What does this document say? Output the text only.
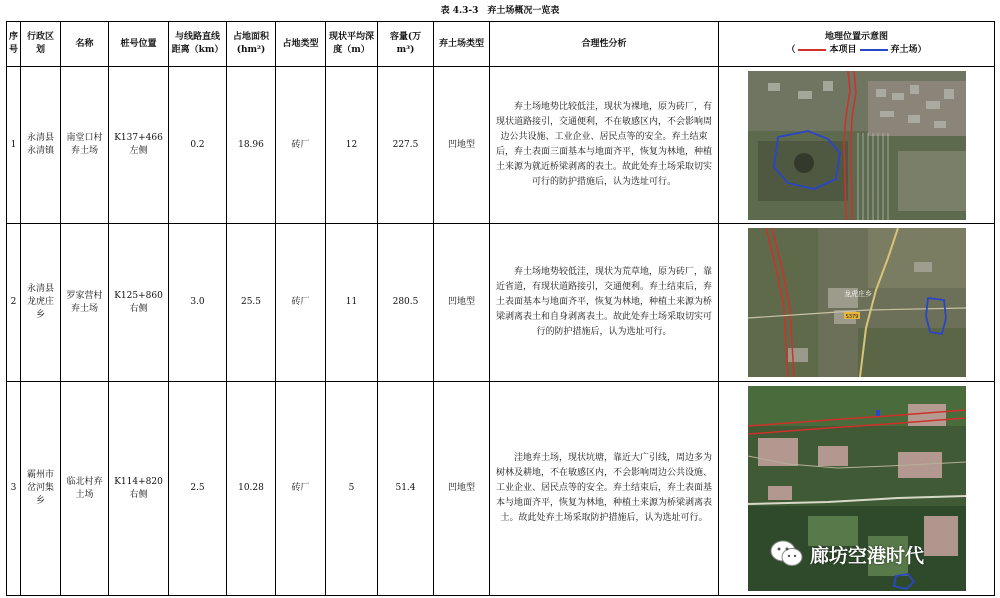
表 4.3-3　弃土场概况一览表
序号	行政区划	名称	桩号位置	与线路直线距离（km）	占地面积(hm²)	占地类型	现状平均深度（m）	容量(万 m³)	弃土场类型	合理性分析	地理位置示意图
（ 本项目 弃土场）

1	永清县永清镇	南堂口村弃土场	K137+466 左侧	0.2	18.96	砖厂	12	227.5	凹地型	弃土场地势比较低洼，现状为裸地，原为砖厂，有现状道路接引，交通便利，不在敏感区内，不会影响周边公共设施、工业企业、居民点等的安全。弃土结束后，弃土表面三面基本与地面齐平，恢复为林地，种植土来源为就近桥梁剥离的表土。故此处弃土场采取切实可行的防护措施后，认为选址可行。

2	永清县龙虎庄乡	罗家营村弃土场	K125+860 右侧	3.0	25.5	砖厂	11	280.5	凹地型	弃土场地势较低洼，现状为荒草地，原为砖厂，靠近省道，有现状道路接引，交通便利。弃土结束后，弃土表面基本与地面齐平，恢复为林地，种植土来源为桥梁剥离表土和自身剥离表土。故此处弃土场采取切实可行的防护措施后，认为选址可行。	S379
龙虎庄乡

3	霸州市岔河集乡	临北村弃土场	K114+820 右侧	2.5	10.28	砖厂	5	51.4	凹地型	洼地弃土场，现状坑塘，靠近大广引线，周边多为树林及耕地，不在敏感区内，不会影响周边公共设施、工业企业、居民点等的安全。弃土结束后，弃土表面基本与地面齐平，恢复为林地，种植土来源为桥梁剥离表土。故此处弃土场采取防护措施后，认为选址可行。

廊坊空港时代
